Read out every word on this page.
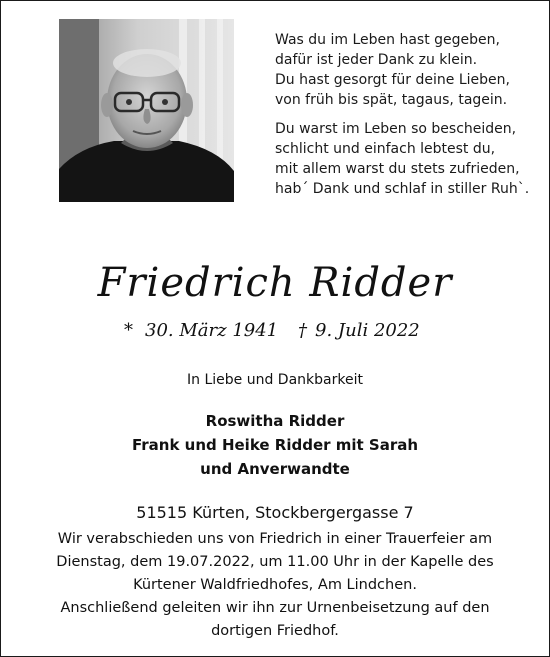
Was du im Leben hast gegeben,
dafür ist jeder Dank zu klein.
Du hast gesorgt für deine Lieben,
von früh bis spät, tagaus, tagein.

Du warst im Leben so bescheiden,
schlicht und einfach lebtest du,
mit allem warst du stets zufrieden,
hab´ Dank und schlaf in stiller Ruh`.

Friedrich Ridder
* 30. März 1941 † 9. Juli 2022
In Liebe und Dankbarkeit
Roswitha Ridder
Frank und Heike Ridder mit Sarah
und Anverwandte
51515 Kürten, Stockbergergasse 7
Wir verabschieden uns von Friedrich in einer Trauerfeier am
Dienstag, dem 19.07.2022, um 11.00 Uhr in der Kapelle des
Kürtener Waldfriedhofes, Am Lindchen.
Anschließend geleiten wir ihn zur Urnenbeisetzung auf den
dortigen Friedhof.
